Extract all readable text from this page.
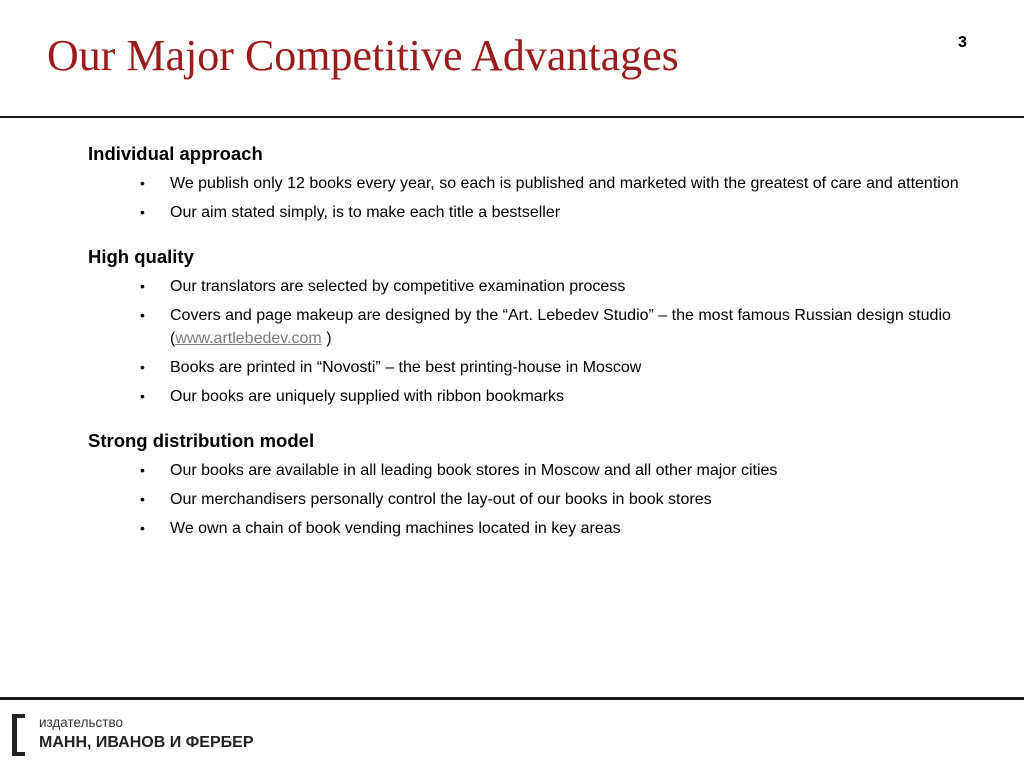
Our Major Competitive Advantages	3
Individual approach
• We publish only 12 books every year, so each is published and marketed with the greatest of care and attention
• Our aim stated simply, is to make each title a bestseller
High quality
• Our translators are selected by competitive examination process
• Covers and page makeup are designed by the “Art. Lebedev Studio” – the most famous Russian design studio (www.artlebedev.com )
• Books are printed in “Novosti” – the best printing-house in Moscow
• Our books are uniquely supplied with ribbon bookmarks
Strong distribution model
• Our books are available in all leading book stores in Moscow and all other major cities
• Our merchandisers personally control the lay-out of our books in book stores
• We own a chain of book vending machines located in key areas
издательство
МАНН, ИВАНОВ И ФЕРБЕР
